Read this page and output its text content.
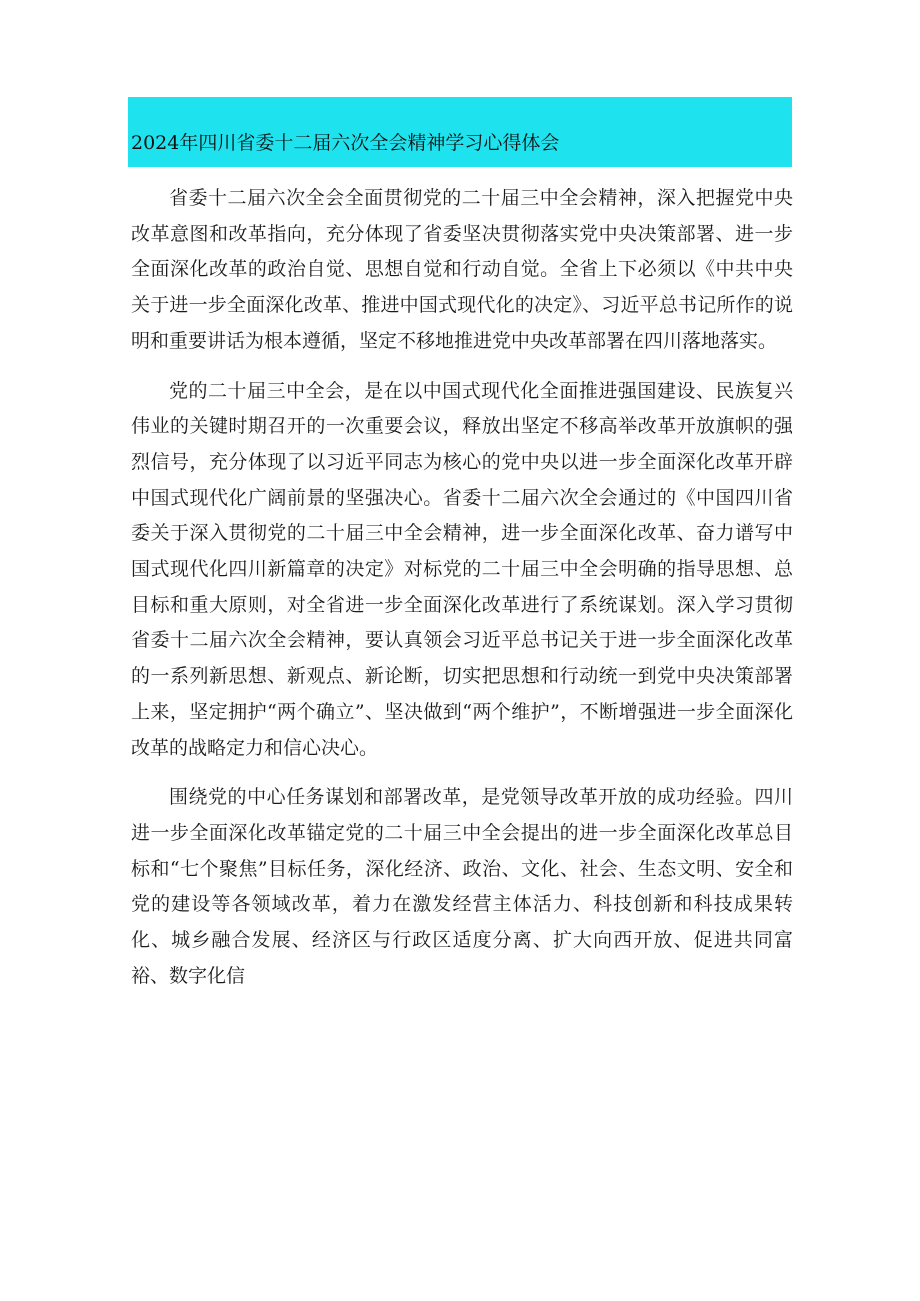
2024年四川省委十二届六次全会精神学习心得体会

省委十二届六次全会全面贯彻党的二十届三中全会精神，深入把握党中央改革意图和改革指向，充分体现了省委坚决贯彻落实党中央决策部署、进一步全面深化改革的政治自觉、思想自觉和行动自觉。全省上下必须以《中共中央关于进一步全面深化改革、推进中国式现代化的决定》、习近平总书记所作的说明和重要讲话为根本遵循，坚定不移地推进党中央改革部署在四川落地落实。

党的二十届三中全会，是在以中国式现代化全面推进强国建设、民族复兴伟业的关键时期召开的一次重要会议，释放出坚定不移高举改革开放旗帜的强烈信号，充分体现了以习近平同志为核心的党中央以进一步全面深化改革开辟中国式现代化广阔前景的坚强决心。省委十二届六次全会通过的《中国四川省委关于深入贯彻党的二十届三中全会精神，进一步全面深化改革、奋力谱写中国式现代化四川新篇章的决定》对标党的二十届三中全会明确的指导思想、总目标和重大原则，对全省进一步全面深化改革进行了系统谋划。深入学习贯彻省委十二届六次全会精神，要认真领会习近平总书记关于进一步全面深化改革的一系列新思想、新观点、新论断，切实把思想和行动统一到党中央决策部署上来，坚定拥护“两个确立”、坚决做到“两个维护”，不断增强进一步全面深化改革的战略定力和信心决心。

围绕党的中心任务谋划和部署改革，是党领导改革开放的成功经验。四川进一步全面深化改革锚定党的二十届三中全会提出的进一步全面深化改革总目标和“七个聚焦”目标任务，深化经济、政治、文化、社会、生态文明、安全和党的建设等各领域改革，着力在激发经营主体活力、科技创新和科技成果转化、城乡融合发展、经济区与行政区适度分离、扩大向西开放、促进共同富裕、数字化信
